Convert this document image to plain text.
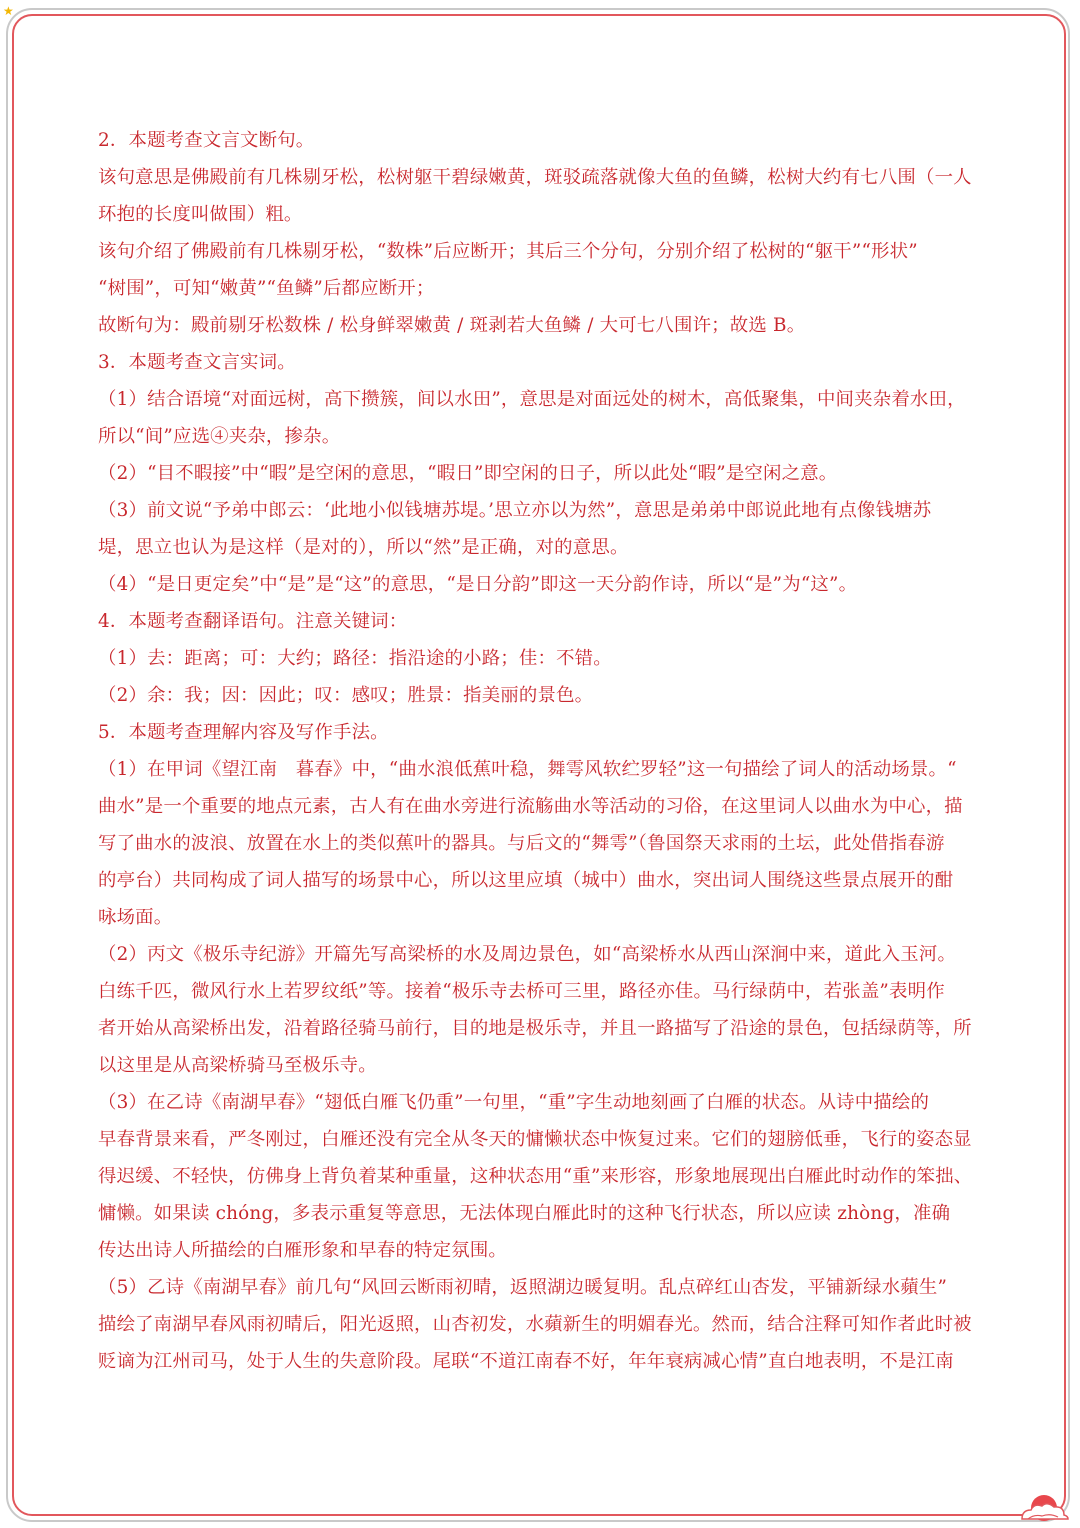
★
2．本题考查文言文断句。
该句意思是佛殿前有几株剔牙松，松树躯干碧绿嫩黄，斑驳疏落就像大鱼的鱼鳞，松树大约有七八围（一人
环抱的长度叫做围）粗。
该句介绍了佛殿前有几株剔牙松，“数株”后应断开；其后三个分句，分别介绍了松树的“躯干”“形状”
“树围”，可知“嫩黄”“鱼鳞”后都应断开；
故断句为：殿前剔牙松数株 / 松身鲜翠嫩黄 / 斑剥若大鱼鳞 / 大可七八围许；故选 B。
3．本题考查文言实词。
（1）结合语境“对面远树，高下攒簇，间以水田”，意思是对面远处的树木，高低聚集，中间夹杂着水田，
所以“间”应选④夹杂，掺杂。
（2）“目不暇接”中“暇”是空闲的意思，“暇日”即空闲的日子，所以此处“暇”是空闲之意。
（3）前文说“予弟中郎云：‘此地小似钱塘苏堤。’思立亦以为然”，意思是弟弟中郎说此地有点像钱塘苏
堤，思立也认为是这样（是对的），所以“然”是正确，对的意思。
（4）“是日更定矣”中“是”是“这”的意思，“是日分韵”即这一天分韵作诗，所以“是”为“这”。
4．本题考查翻译语句。注意关键词：
（1）去：距离；可：大约；路径：指沿途的小路；佳：不错。
（2）余：我；因：因此；叹：感叹；胜景：指美丽的景色。
5．本题考查理解内容及写作手法。
（1）在甲词《望江南　暮春》中，“曲水浪低蕉叶稳，舞雩风软纻罗轻”这一句描绘了词人的活动场景。“
曲水”是一个重要的地点元素，古人有在曲水旁进行流觞曲水等活动的习俗，在这里词人以曲水为中心，描
写了曲水的波浪、放置在水上的类似蕉叶的器具。与后文的“舞雩”（鲁国祭天求雨的土坛，此处借指春游
的亭台）共同构成了词人描写的场景中心，所以这里应填（城中）曲水，突出词人围绕这些景点展开的酣
咏场面。
（2）丙文《极乐寺纪游》开篇先写高梁桥的水及周边景色，如“高梁桥水从西山深涧中来，道此入玉河。
白练千匹，微风行水上若罗纹纸”等。接着“极乐寺去桥可三里，路径亦佳。马行绿荫中，若张盖”表明作
者开始从高梁桥出发，沿着路径骑马前行，目的地是极乐寺，并且一路描写了沿途的景色，包括绿荫等，所
以这里是从高梁桥骑马至极乐寺。
（3）在乙诗《南湖早春》“翅低白雁飞仍重”一句里，“重”字生动地刻画了白雁的状态。从诗中描绘的
早春背景来看，严冬刚过，白雁还没有完全从冬天的慵懒状态中恢复过来。它们的翅膀低垂，飞行的姿态显
得迟缓、不轻快，仿佛身上背负着某种重量，这种状态用“重”来形容，形象地展现出白雁此时动作的笨拙、
慵懒。如果读 chóng，多表示重复等意思，无法体现白雁此时的这种飞行状态，所以应读 zhòng，准确
传达出诗人所描绘的白雁形象和早春的特定氛围。
（5）乙诗《南湖早春》前几句“风回云断雨初晴，返照湖边暖复明。乱点碎红山杏发，平铺新绿水蘋生”
描绘了南湖早春风雨初晴后，阳光返照，山杏初发，水蘋新生的明媚春光。然而，结合注释可知作者此时被
贬谪为江州司马，处于人生的失意阶段。尾联“不道江南春不好，年年衰病减心情”直白地表明，不是江南
